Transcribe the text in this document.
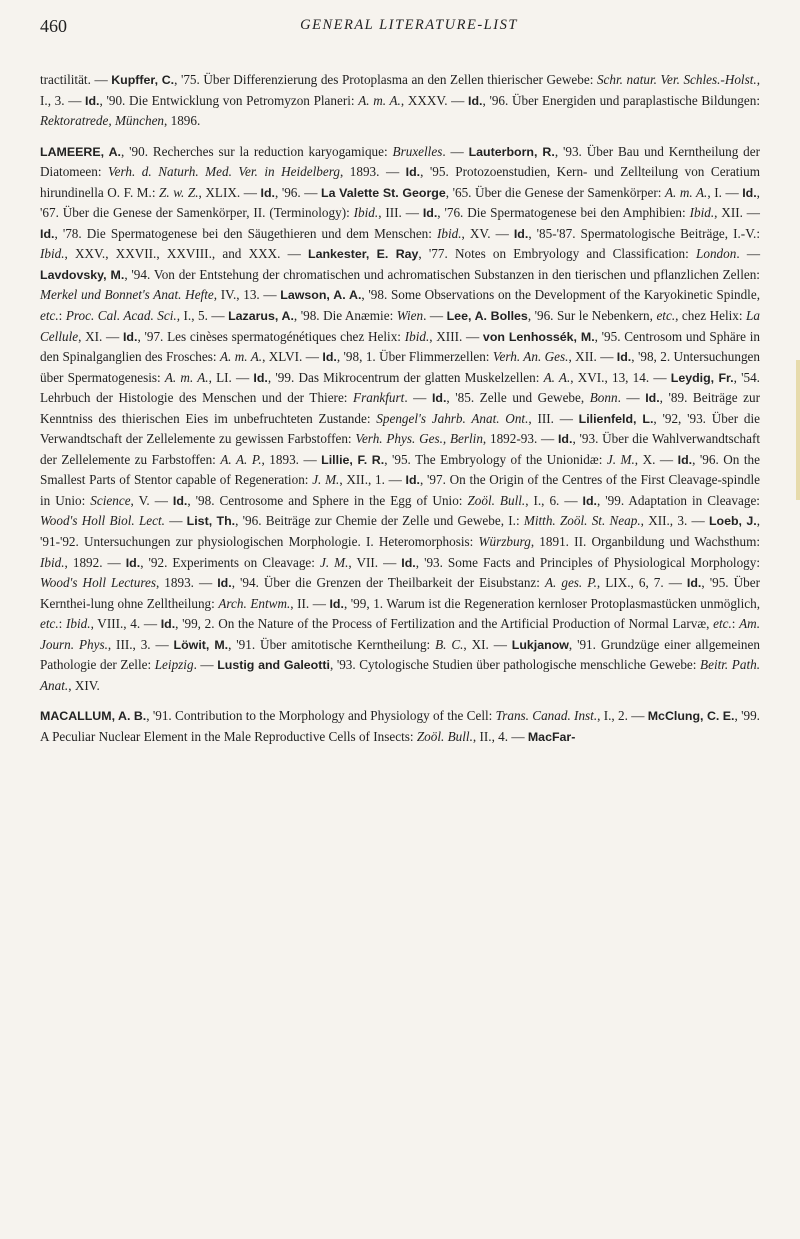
460	GENERAL LITERATURE-LIST

tractilität. — Kupffer, C., '75. Über Differenzierung des Protoplasma an den Zellen thierischer Gewebe: Schr. natur. Ver. Schles.-Holst., I., 3. — Id., '90. Die Entwicklung von Petromyzon Planeri: A. m. A., XXXV. — Id., '96. Über Energiden und paraplastische Bildungen: Rektoratrede, München, 1896.

LAMEERE, A., '90. Recherches sur la reduction karyogamique: Bruxelles. — Lauterborn, R., '93. Über Bau und Kerntheilung der Diatomeen: Verh. d. Naturh. Med. Ver. in Heidelberg, 1893. — Id., '95. Protozoenstudien, Kern- und Zellteilung von Ceratium hirundinella O. F. M.: Z. w. Z., XLIX. — Id., '96. — La Valette St. George, '65. Über die Genese der Samenkörper: A. m. A., I. — Id., '67. Über die Genese der Samenkörper, II. (Terminology): Ibid., III. — Id., '76. Die Spermatogenese bei den Amphibien: Ibid., XII. — Id., '78. Die Spermatogenese bei den Säugethieren und dem Menschen: Ibid., XV. — Id., '85-'87. Spermatologische Beiträge, I.-V.: Ibid., XXV., XXVII., XXVIII., and XXX. — Lankester, E. Ray, '77. Notes on Embryology and Classification: London. — Lavdovsky, M., '94. Von der Entstehung der chromatischen und achromatischen Substanzen in den tierischen und pflanzlichen Zellen: Merkel und Bonnet's Anat. Hefte, IV., 13. — Lawson, A. A., '98. Some Observations on the Development of the Karyokinetic Spindle, etc.: Proc. Cal. Acad. Sci., I., 5. — Lazarus, A., '98. Die Anæmie: Wien. — Lee, A. Bolles, '96. Sur le Nebenkern, etc., chez Helix: La Cellule, XI. — Id., '97. Les cinèses spermatogénétiques chez Helix: Ibid., XIII. — von Lenhossék, M., '95. Centrosom und Sphäre in den Spinalganglien des Frosches: A. m. A., XLVI. — Id., '98, 1. Über Flimmerzellen: Verh. An. Ges., XII. — Id., '98, 2. Untersuchungen über Spermatogenesis: A. m. A., LI. — Id., '99. Das Mikrocentrum der glatten Muskelzellen: A. A., XVI., 13, 14. — Leydig, Fr., '54. Lehrbuch der Histologie des Menschen und der Thiere: Frankfurt. — Id., '85. Zelle und Gewebe, Bonn. — Id., '89. Beiträge zur Kenntniss des thierischen Eies im unbefruchteten Zustande: Spengel's Jahrb. Anat. Ont., III. — Lilienfeld, L., '92, '93. Über die Verwandtschaft der Zellelemente zu gewissen Farbstoffen: Verh. Phys. Ges., Berlin, 1892-93. — Id., '93. Über die Wahlverwandtschaft der Zellelemente zu Farbstoffen: A. A. P., 1893. — Lillie, F. R., '95. The Embryology of the Unionidæ: J. M., X. — Id., '96. On the Smallest Parts of Stentor capable of Regeneration: J. M., XII., 1. — Id., '97. On the Origin of the Centres of the First Cleavage-spindle in Unio: Science, V. — Id., '98. Centrosome and Sphere in the Egg of Unio: Zoöl. Bull., I., 6. — Id., '99. Adaptation in Cleavage: Wood's Holl Biol. Lect. — List, Th., '96. Beiträge zur Chemie der Zelle und Gewebe, I.: Mitth. Zoöl. St. Neap., XII., 3. — Loeb, J., '91-'92. Untersuchungen zur physiologischen Morphologie. I. Heteromorphosis: Würzburg, 1891. II. Organbildung und Wachsthum: Ibid., 1892. — Id., '92. Experiments on Cleavage: J. M., VII. — Id., '93. Some Facts and Principles of Physiological Morphology: Wood's Holl Lectures, 1893. — Id., '94. Über die Grenzen der Theilbarkeit der Eisubstanz: A. ges. P., LIX., 6, 7. — Id., '95. Über Kernthei-lung ohne Zelltheilung: Arch. Entwm., II. — Id., '99, 1. Warum ist die Regeneration kernloser Protoplasmastücken unmöglich, etc.: Ibid., VIII., 4. — Id., '99, 2. On the Nature of the Process of Fertilization and the Artificial Production of Normal Larvæ, etc.: Am. Journ. Phys., III., 3. — Löwit, M., '91. Über amitotische Kerntheilung: B. C., XI. — Lukjanow, '91. Grundzüge einer allgemeinen Pathologie der Zelle: Leipzig. — Lustig and Galeotti, '93. Cytologische Studien über pathologische menschliche Gewebe: Beitr. Path. Anat., XIV.

MACALLUM, A. B., '91. Contribution to the Morphology and Physiology of the Cell: Trans. Canad. Inst., I., 2. — McClung, C. E., '99. A Peculiar Nuclear Element in the Male Reproductive Cells of Insects: Zoöl. Bull., II., 4. — MacFar-
